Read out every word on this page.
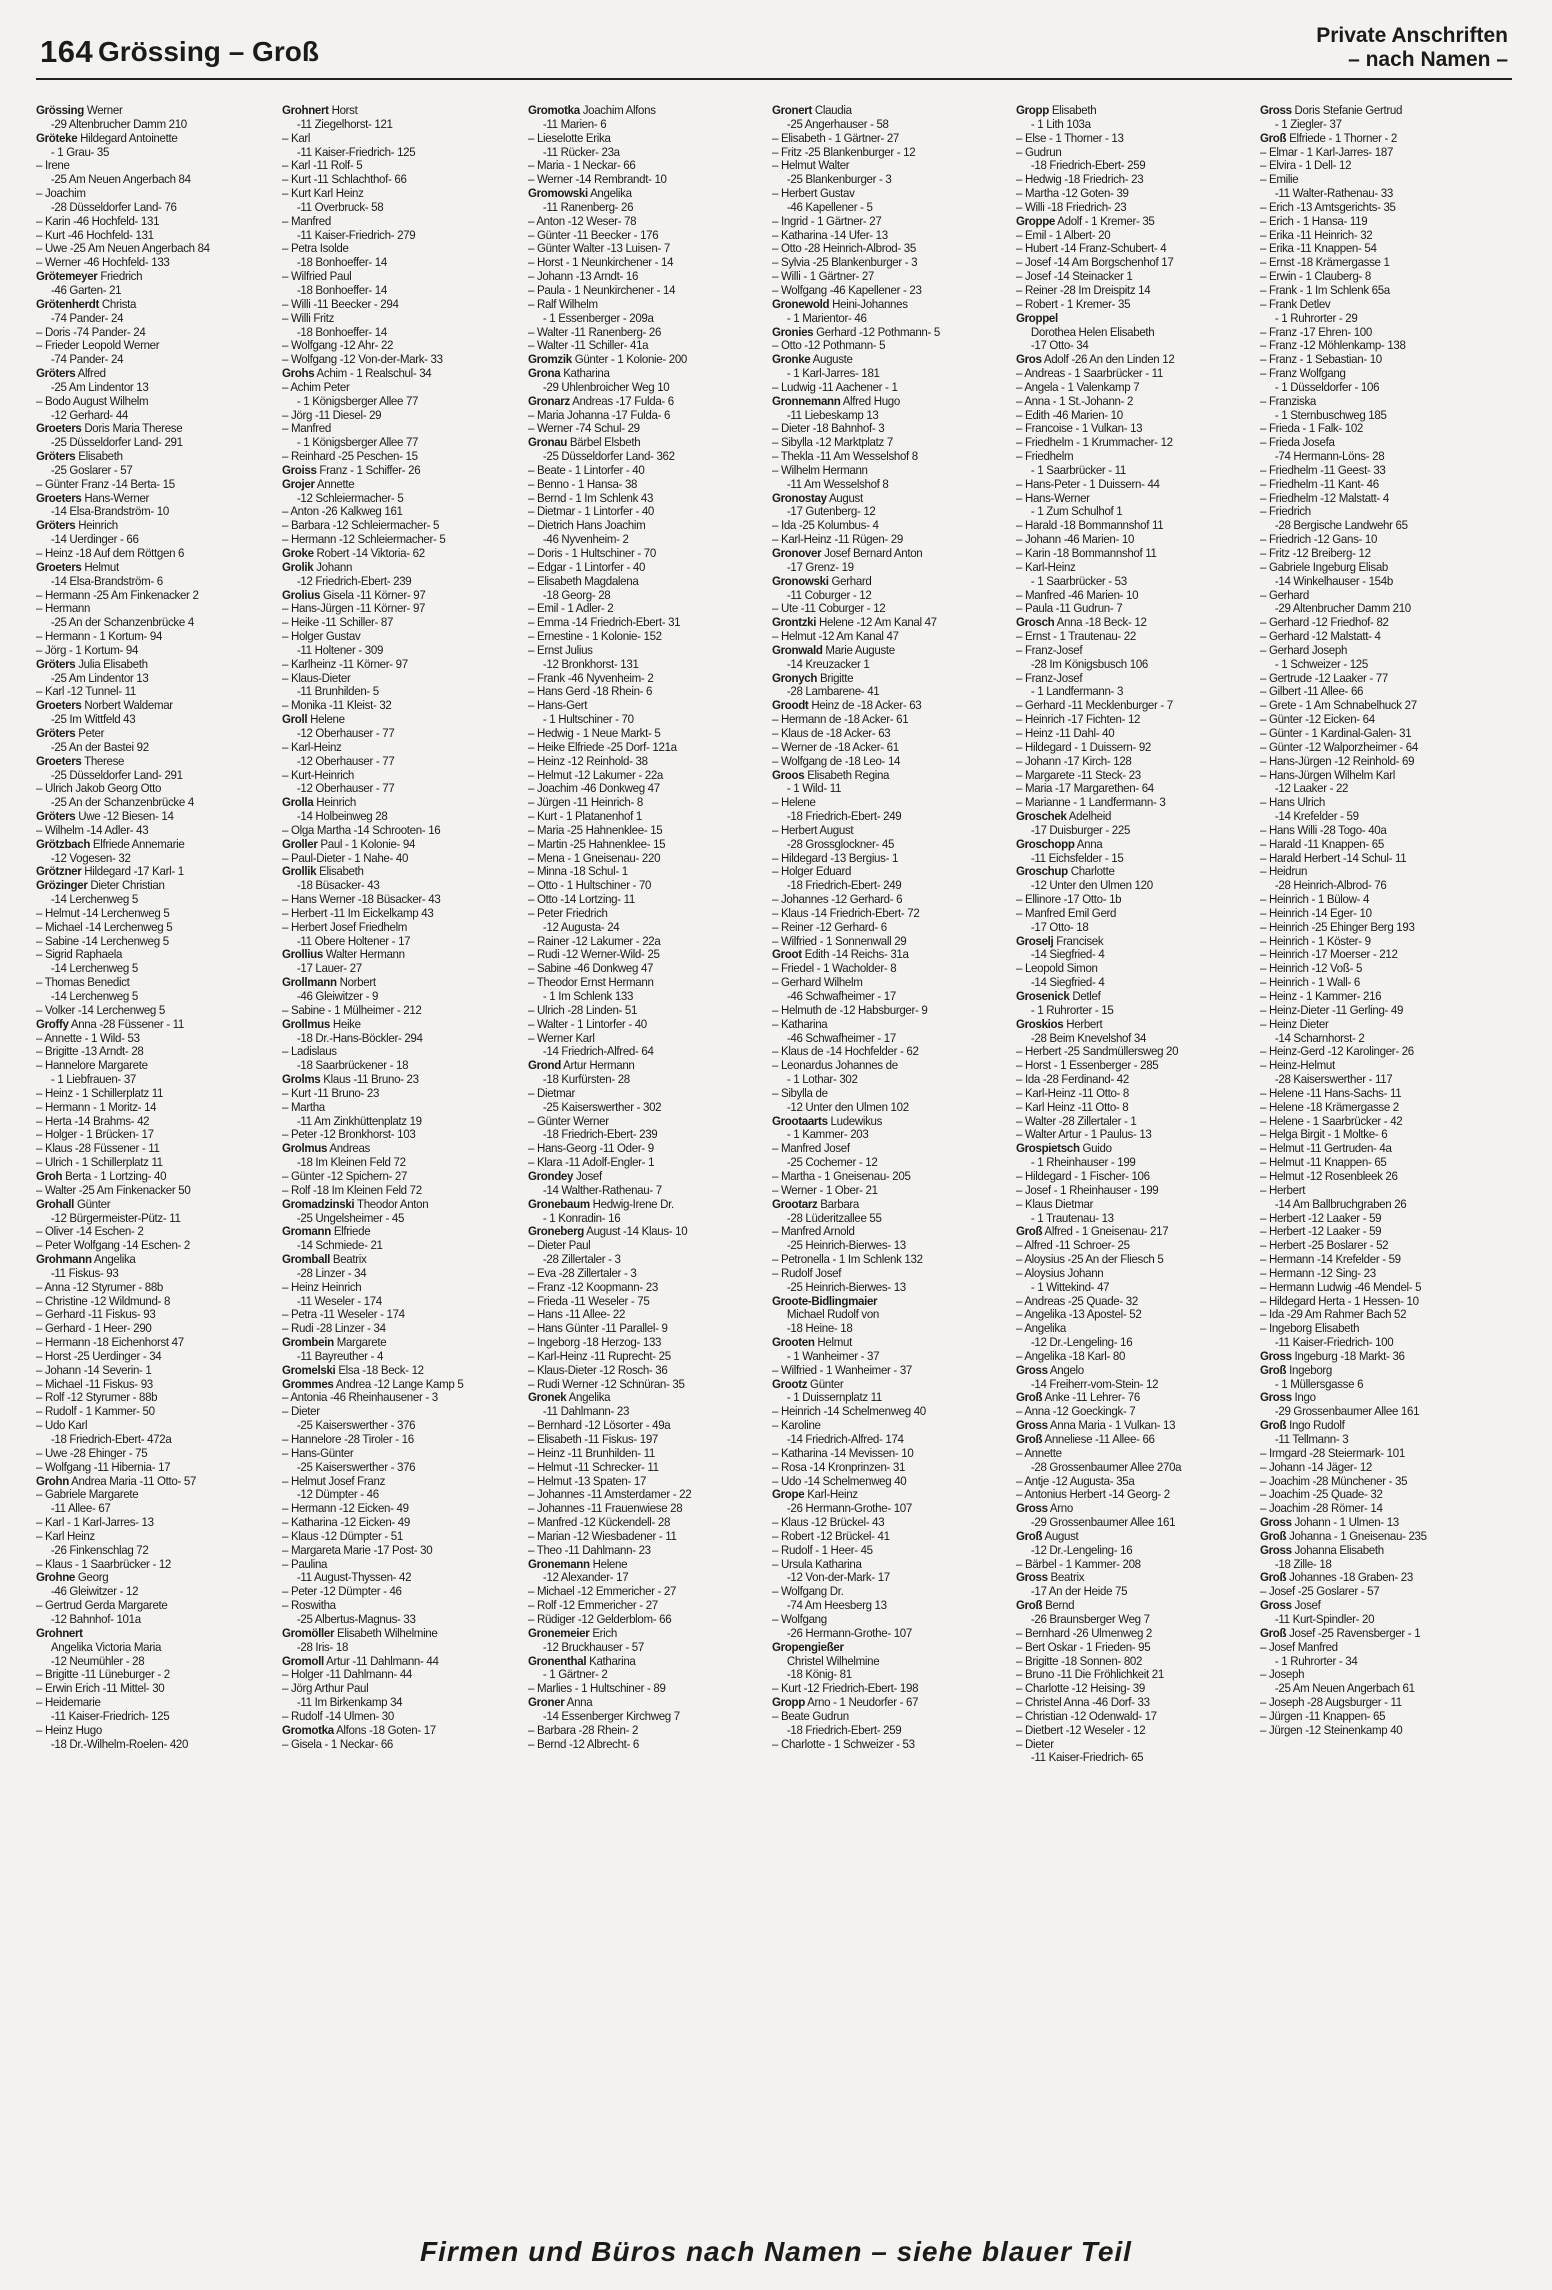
164 Grössing – Groß
Private Anschriften
– nach Namen –
Grössing Werner
-29 Altenbrucher Damm 210
Gröteke Hildegard Antoinette
- 1 Grau- 35
– Irene
-25 Am Neuen Angerbach 84
– Joachim
-28 Düsseldorfer Land- 76
– Karin -46 Hochfeld- 131
– Kurt -46 Hochfeld- 131
– Uwe -25 Am Neuen Angerbach 84
– Werner -46 Hochfeld- 133
Grötemeyer Friedrich
-46 Garten- 21
Grötenherdt Christa
-74 Pander- 24
– Doris -74 Pander- 24
– Frieder Leopold Werner
-74 Pander- 24
Gröters Alfred
-25 Am Lindentor 13
– Bodo August Wilhelm
-12 Gerhard- 44
Groeters Doris Maria Therese
-25 Düsseldorfer Land- 291
Gröters Elisabeth
-25 Goslarer - 57
– Günter Franz -14 Berta- 15
Groeters Hans-Werner
-14 Elsa-Brandström- 10
Gröters Heinrich
-14 Uerdinger - 66
– Heinz -18 Auf dem Röttgen 6
Groeters Helmut
-14 Elsa-Brandström- 6
– Hermann -25 Am Finkenacker 2
– Hermann
-25 An der Schanzenbrücke 4
– Hermann - 1 Kortum- 94
– Jörg - 1 Kortum- 94
Gröters Julia Elisabeth
-25 Am Lindentor 13
– Karl -12 Tunnel- 11
Groeters Norbert Waldemar
-25 Im Wittfeld 43
Gröters Peter
-25 An der Bastei 92
Groeters Therese
-25 Düsseldorfer Land- 291
– Ulrich Jakob Georg Otto
-25 An der Schanzenbrücke 4
Gröters Uwe -12 Biesen- 14
– Wilhelm -14 Adler- 43
Grötzbach Elfriede Annemarie
-12 Vogesen- 32
Grötzner Hildegard -17 Karl- 1
Grözinger Dieter Christian
-14 Lerchenweg 5
– Helmut -14 Lerchenweg 5
– Michael -14 Lerchenweg 5
– Sabine -14 Lerchenweg 5
– Sigrid Raphaela
-14 Lerchenweg 5
– Thomas Benedict
-14 Lerchenweg 5
– Volker -14 Lerchenweg 5
Groffy Anna -28 Füssener - 11
– Annette - 1 Wild- 53
– Brigitte -13 Arndt- 28
– Hannelore Margarete
- 1 Liebfrauen- 37
– Heinz - 1 Schillerplatz 11
– Hermann - 1 Moritz- 14
– Herta -14 Brahms- 42
– Holger - 1 Brücken- 17
– Klaus -28 Füssener - 11
– Ulrich - 1 Schillerplatz 11
Groh Berta - 1 Lortzing- 40
– Walter -25 Am Finkenacker 50
Grohall Günter
-12 Bürgermeister-Pütz- 11
– Oliver -14 Eschen- 2
– Peter Wolfgang -14 Eschen- 2
Grohmann Angelika
-11 Fiskus- 93
– Anna -12 Styrumer - 88b
– Christine -12 Wildmund- 8
– Gerhard -11 Fiskus- 93
– Gerhard - 1 Heer- 290
– Hermann -18 Eichenhorst 47
– Horst -25 Uerdinger - 34
– Johann -14 Severin- 1
– Michael -11 Fiskus- 93
– Rolf -12 Styrumer - 88b
– Rudolf - 1 Kammer- 50
– Udo Karl
-18 Friedrich-Ebert- 472a
– Uwe -28 Ehinger - 75
– Wolfgang -11 Hibernia- 17
Grohn Andrea Maria -11 Otto- 57
– Gabriele Margarete
-11 Allee- 67
– Karl - 1 Karl-Jarres- 13
– Karl Heinz
-26 Finkenschlag 72
– Klaus - 1 Saarbrücker - 12
Grohne Georg
-46 Gleiwitzer - 12
– Gertrud Gerda Margarete
-12 Bahnhof- 101a
Grohnert
Angelika Victoria Maria
-12 Neumühler - 28
– Brigitte -11 Lüneburger - 2
– Erwin Erich -11 Mittel- 30
– Heidemarie
-11 Kaiser-Friedrich- 125
– Heinz Hugo
-18 Dr.-Wilhelm-Roelen- 420
Grohnert Horst
-11 Ziegelhorst- 121
– Karl
-11 Kaiser-Friedrich- 125
– Karl -11 Rolf- 5
– Kurt -11 Schlachthof- 66
– Kurt Karl Heinz
-11 Overbruck- 58
– Manfred
-11 Kaiser-Friedrich- 279
– Petra Isolde
-18 Bonhoeffer- 14
– Wilfried Paul
-18 Bonhoeffer- 14
– Willi -11 Beecker - 294
– Willi Fritz
-18 Bonhoeffer- 14
– Wolfgang -12 Ahr- 22
– Wolfgang -12 Von-der-Mark- 33
Grohs Achim - 1 Realschul- 34
– Achim Peter
- 1 Königsberger Allee 77
– Jörg -11 Diesel- 29
– Manfred
- 1 Königsberger Allee 77
– Reinhard -25 Peschen- 15
Groiss Franz - 1 Schiffer- 26
Grojer Annette
-12 Schleiermacher- 5
– Anton -26 Kalkweg 161
– Barbara -12 Schleiermacher- 5
– Hermann -12 Schleiermacher- 5
Groke Robert -14 Viktoria- 62
Grolik Johann
-12 Friedrich-Ebert- 239
Grolius Gisela -11 Körner- 97
– Hans-Jürgen -11 Körner- 97
– Heike -11 Schiller- 87
– Holger Gustav
-11 Holtener - 309
– Karlheinz -11 Körner- 97
– Klaus-Dieter
-11 Brunhilden- 5
– Monika -11 Kleist- 32
Groll Helene
-12 Oberhauser - 77
– Karl-Heinz
-12 Oberhauser - 77
– Kurt-Heinrich
-12 Oberhauser - 77
Grolla Heinrich
-14 Holbeinweg 28
– Olga Martha -14 Schrooten- 16
Groller Paul - 1 Kolonie- 94
– Paul-Dieter - 1 Nahe- 40
Grollik Elisabeth
-18 Büsacker- 43
– Hans Werner -18 Büsacker- 43
– Herbert -11 Im Eickelkamp 43
– Herbert Josef Friedhelm
-11 Obere Holtener - 17
Grollius Walter Hermann
-17 Lauer- 27
Grollmann Norbert
-46 Gleiwitzer - 9
– Sabine - 1 Mülheimer - 212
Grollmus Heike
-18 Dr.-Hans-Böckler- 294
– Ladislaus
-18 Saarbrückener - 18
Grolms Klaus -11 Bruno- 23
– Kurt -11 Bruno- 23
– Martha
-11 Am Zinkhüttenplatz 19
– Peter -12 Bronkhorst- 103
Grolmus Andreas
-18 Im Kleinen Feld 72
– Günter -12 Spichern- 27
– Rolf -18 Im Kleinen Feld 72
Gromadzinski Theodor Anton
-25 Ungelsheimer - 45
Gromann Elfriede
-14 Schmiede- 21
Gromball Beatrix
-28 Linzer - 34
– Heinz Heinrich
-11 Weseler - 174
– Petra -11 Weseler - 174
– Rudi -28 Linzer - 34
Grombein Margarete
-11 Bayreuther - 4
Gromelski Elsa -18 Beck- 12
Grommes Andrea -12 Lange Kamp 5
– Antonia -46 Rheinhausener - 3
– Dieter
-25 Kaiserswerther - 376
– Hannelore -28 Tiroler - 16
– Hans-Günter
-25 Kaiserswerther - 376
– Helmut Josef Franz
-12 Dümpter - 46
– Hermann -12 Eicken- 49
– Katharina -12 Eicken- 49
– Klaus -12 Dümpter - 51
– Margareta Marie -17 Post- 30
– Paulina
-11 August-Thyssen- 42
– Peter -12 Dümpter - 46
– Roswitha
-25 Albertus-Magnus- 33
Gromöller Elisabeth Wilhelmine
-28 Iris- 18
Gromoll Artur -11 Dahlmann- 44
– Holger -11 Dahlmann- 44
– Jörg Arthur Paul
-11 Im Birkenkamp 34
– Rudolf -14 Ulmen- 30
Gromotka Alfons -18 Goten- 17
– Gisela - 1 Neckar- 66
Gromotka Joachim Alfons
-11 Marien- 6
– Lieselotte Erika
-11 Rücker- 23a
– Maria - 1 Neckar- 66
– Werner -14 Rembrandt- 10
Gromowski Angelika
-11 Ranenberg- 26
– Anton -12 Weser- 78
– Günter -11 Beecker - 176
– Günter Walter -13 Luisen- 7
– Horst - 1 Neunkirchener - 14
– Johann -13 Arndt- 16
– Paula - 1 Neunkirchener - 14
– Ralf Wilhelm
- 1 Essenberger - 209a
– Walter -11 Ranenberg- 26
– Walter -11 Schiller- 41a
Gromzik Günter - 1 Kolonie- 200
Grona Katharina
-29 Uhlenbroicher Weg 10
Gronarz Andreas -17 Fulda- 6
– Maria Johanna -17 Fulda- 6
– Werner -74 Schul- 29
Gronau Bärbel Elsbeth
-25 Düsseldorfer Land- 362
– Beate - 1 Lintorfer - 40
– Benno - 1 Hansa- 38
– Bernd - 1 Im Schlenk 43
– Dietmar - 1 Lintorfer - 40
– Dietrich Hans Joachim
-46 Nyvenheim- 2
– Doris - 1 Hultschiner - 70
– Edgar - 1 Lintorfer - 40
– Elisabeth Magdalena
-18 Georg- 28
– Emil - 1 Adler- 2
– Emma -14 Friedrich-Ebert- 31
– Ernestine - 1 Kolonie- 152
– Ernst Julius
-12 Bronkhorst- 131
– Frank -46 Nyvenheim- 2
– Hans Gerd -18 Rhein- 6
– Hans-Gert
- 1 Hultschiner - 70
– Hedwig - 1 Neue Markt- 5
– Heike Elfriede -25 Dorf- 121a
– Heinz -12 Reinhold- 38
– Helmut -12 Lakumer - 22a
– Joachim -46 Donkweg 47
– Jürgen -11 Heinrich- 8
– Kurt - 1 Platanenhof 1
– Maria -25 Hahnenklee- 15
– Martin -25 Hahnenklee- 15
– Mena - 1 Gneisenau- 220
– Minna -18 Schul- 1
– Otto - 1 Hultschiner - 70
– Otto -14 Lortzing- 11
– Peter Friedrich
-12 Augusta- 24
– Rainer -12 Lakumer - 22a
– Rudi -12 Werner-Wild- 25
– Sabine -46 Donkweg 47
– Theodor Ernst Hermann
- 1 Im Schlenk 133
– Ulrich -28 Linden- 51
– Walter - 1 Lintorfer - 40
– Werner Karl
-14 Friedrich-Alfred- 64
Grond Artur Hermann
-18 Kurfürsten- 28
– Dietmar
-25 Kaiserswerther - 302
– Günter Werner
-18 Friedrich-Ebert- 239
– Hans-Georg -11 Oder- 9
– Klara -11 Adolf-Engler- 1
Grondey Josef
-14 Walther-Rathenau- 7
Gronebaum Hedwig-Irene Dr.
- 1 Konradin- 16
Groneberg August -14 Klaus- 10
– Dieter Paul
-28 Zillertaler - 3
– Eva -28 Zillertaler - 3
– Franz -12 Koopmann- 23
– Frieda -11 Weseler - 75
– Hans -11 Allee- 22
– Hans Günter -11 Parallel- 9
– Ingeborg -18 Herzog- 133
– Karl-Heinz -11 Ruprecht- 25
– Klaus-Dieter -12 Rosch- 36
– Rudi Werner -12 Schnüran- 35
Gronek Angelika
-11 Dahlmann- 23
– Bernhard -12 Lösorter - 49a
– Elisabeth -11 Fiskus- 197
– Heinz -11 Brunhilden- 11
– Helmut -11 Schrecker- 11
– Helmut -13 Spaten- 17
– Johannes -11 Amsterdamer - 22
– Johannes -11 Frauenwiese 28
– Manfred -12 Kückendell- 28
– Marian -12 Wiesbadener - 11
– Theo -11 Dahlmann- 23
Gronemann Helene
-12 Alexander- 17
– Michael -12 Emmericher - 27
– Rolf -12 Emmericher - 27
– Rüdiger -12 Gelderblom- 66
Gronemeier Erich
-12 Bruckhauser - 57
Gronenthal Katharina
- 1 Gärtner- 2
– Marlies - 1 Hultschiner - 89
Groner Anna
-14 Essenberger Kirchweg 7
– Barbara -28 Rhein- 2
– Bernd -12 Albrecht- 6
Gronert Claudia
-25 Angerhauser - 58
– Elisabeth - 1 Gärtner- 27
– Fritz -25 Blankenburger - 12
– Helmut Walter
-25 Blankenburger - 3
– Herbert Gustav
-46 Kapellener - 5
– Ingrid - 1 Gärtner- 27
– Katharina -14 Ufer- 13
– Otto -28 Heinrich-Albrod- 35
– Sylvia -25 Blankenburger - 3
– Willi - 1 Gärtner- 27
– Wolfgang -46 Kapellener - 23
Gronewold Heini-Johannes
- 1 Marientor- 46
Gronies Gerhard -12 Pothmann- 5
– Otto -12 Pothmann- 5
Gronke Auguste
- 1 Karl-Jarres- 181
– Ludwig -11 Aachener - 1
Gronnemann Alfred Hugo
-11 Liebeskamp 13
– Dieter -18 Bahnhof- 3
– Sibylla -12 Marktplatz 7
– Thekla -11 Am Wesselshof 8
– Wilhelm Hermann
-11 Am Wesselshof 8
Gronostay August
-17 Gutenberg- 12
– Ida -25 Kolumbus- 4
– Karl-Heinz -11 Rügen- 29
Gronover Josef Bernard Anton
-17 Grenz- 19
Gronowski Gerhard
-11 Coburger - 12
– Ute -11 Coburger - 12
Grontzki Helene -12 Am Kanal 47
– Helmut -12 Am Kanal 47
Gronwald Marie Auguste
-14 Kreuzacker 1
Gronych Brigitte
-28 Lambarene- 41
Groodt Heinz de -18 Acker- 63
– Hermann de -18 Acker- 61
– Klaus de -18 Acker- 63
– Werner de -18 Acker- 61
– Wolfgang de -18 Leo- 14
Groos Elisabeth Regina
- 1 Wild- 11
– Helene
-18 Friedrich-Ebert- 249
– Herbert August
-28 Grossglockner- 45
– Hildegard -13 Bergius- 1
– Holger Eduard
-18 Friedrich-Ebert- 249
– Johannes -12 Gerhard- 6
– Klaus -14 Friedrich-Ebert- 72
– Reiner -12 Gerhard- 6
– Wilfried - 1 Sonnenwall 29
Groot Edith -14 Reichs- 31a
– Friedel - 1 Wacholder- 8
– Gerhard Wilhelm
-46 Schwafheimer - 17
– Helmuth de -12 Habsburger- 9
– Katharina
-46 Schwafheimer - 17
– Klaus de -14 Hochfelder - 62
– Leonardus Johannes de
- 1 Lothar- 302
– Sibylla de
-12 Unter den Ulmen 102
Grootaarts Ludewikus
- 1 Kammer- 203
– Manfred Josef
-25 Cochemer - 12
– Martha - 1 Gneisenau- 205
– Werner - 1 Ober- 21
Grootarz Barbara
-28 Lüderitzallee 55
– Manfred Arnold
-25 Heinrich-Bierwes- 13
– Petronella - 1 Im Schlenk 132
– Rudolf Josef
-25 Heinrich-Bierwes- 13
Groote-Bidlingmaier
Michael Rudolf von
-18 Heine- 18
Grooten Helmut
- 1 Wanheimer - 37
– Wilfried - 1 Wanheimer - 37
Grootz Günter
- 1 Duissernplatz 11
– Heinrich -14 Schelmenweg 40
– Karoline
-14 Friedrich-Alfred- 174
– Katharina -14 Mevissen- 10
– Rosa -14 Kronprinzen- 31
– Udo -14 Schelmenweg 40
Grope Karl-Heinz
-26 Hermann-Grothe- 107
– Klaus -12 Brückel- 43
– Robert -12 Brückel- 41
– Rudolf - 1 Heer- 45
– Ursula Katharina
-12 Von-der-Mark- 17
– Wolfgang Dr.
-74 Am Heesberg 13
– Wolfgang
-26 Hermann-Grothe- 107
Gropengießer
Christel Wilhelmine
-18 König- 81
– Kurt -12 Friedrich-Ebert- 198
Gropp Arno - 1 Neudorfer - 67
– Beate Gudrun
-18 Friedrich-Ebert- 259
– Charlotte - 1 Schweizer - 53
Gropp Elisabeth
- 1 Lith 103a
– Else - 1 Thorner - 13
– Gudrun
-18 Friedrich-Ebert- 259
– Hedwig -18 Friedrich- 23
– Martha -12 Goten- 39
– Willi -18 Friedrich- 23
Groppe Adolf - 1 Kremer- 35
– Emil - 1 Albert- 20
– Hubert -14 Franz-Schubert- 4
– Josef -14 Am Borgschenhof 17
– Josef -14 Steinacker 1
– Reiner -28 Im Dreispitz 14
– Robert - 1 Kremer- 35
Groppel
Dorothea Helen Elisabeth
-17 Otto- 34
Gros Adolf -26 An den Linden 12
– Andreas - 1 Saarbrücker - 11
– Angela - 1 Valenkamp 7
– Anna - 1 St.-Johann- 2
– Edith -46 Marien- 10
– Francoise - 1 Vulkan- 13
– Friedhelm - 1 Krummacher- 12
– Friedhelm
- 1 Saarbrücker - 11
– Hans-Peter - 1 Duissern- 44
– Hans-Werner
- 1 Zum Schulhof 1
– Harald -18 Bommannshof 11
– Johann -46 Marien- 10
– Karin -18 Bommannshof 11
– Karl-Heinz
- 1 Saarbrücker - 53
– Manfred -46 Marien- 10
– Paula -11 Gudrun- 7
Grosch Anna -18 Beck- 12
– Ernst - 1 Trautenau- 22
– Franz-Josef
-28 Im Königsbusch 106
– Franz-Josef
- 1 Landfermann- 3
– Gerhard -11 Mecklenburger - 7
– Heinrich -17 Fichten- 12
– Heinz -11 Dahl- 40
– Hildegard - 1 Duissern- 92
– Johann -17 Kirch- 128
– Margarete -11 Steck- 23
– Maria -17 Margarethen- 64
– Marianne - 1 Landfermann- 3
Groschek Adelheid
-17 Duisburger - 225
Groschopp Anna
-11 Eichsfelder - 15
Groschup Charlotte
-12 Unter den Ulmen 120
– Ellinore -17 Otto- 1b
– Manfred Emil Gerd
-17 Otto- 18
Groselj Francisek
-14 Siegfried- 4
– Leopold Simon
-14 Siegfried- 4
Grosenick Detlef
- 1 Ruhrorter - 15
Groskios Herbert
-28 Beim Knevelshof 34
– Herbert -25 Sandmüllersweg 20
– Horst - 1 Essenberger - 285
– Ida -28 Ferdinand- 42
– Karl-Heinz -11 Otto- 8
– Karl Heinz -11 Otto- 8
– Walter -28 Zillertaler - 1
– Walter Artur - 1 Paulus- 13
Grospietsch Guido
- 1 Rheinhauser - 199
– Hildegard - 1 Fischer- 106
– Josef - 1 Rheinhauser - 199
– Klaus Dietmar
- 1 Trautenau- 13
Groß Alfred - 1 Gneisenau- 217
– Alfred -11 Schroer- 25
– Aloysius -25 An der Fliesch 5
– Aloysius Johann
- 1 Wittekind- 47
– Andreas -25 Quade- 32
– Angelika -13 Apostel- 52
– Angelika
-12 Dr.-Lengeling- 16
– Angelika -18 Karl- 80
Gross Angelo
-14 Freiherr-vom-Stein- 12
Groß Anke -11 Lehrer- 76
– Anna -12 Goeckingk- 7
Gross Anna Maria - 1 Vulkan- 13
Groß Anneliese -11 Allee- 66
– Annette
-28 Grossenbaumer Allee 270a
– Antje -12 Augusta- 35a
– Antonius Herbert -14 Georg- 2
Gross Arno
-29 Grossenbaumer Allee 161
Groß August
-12 Dr.-Lengeling- 16
– Bärbel - 1 Kammer- 208
Gross Beatrix
-17 An der Heide 75
Groß Bernd
-26 Braunsberger Weg 7
– Bernhard -26 Ulmenweg 2
– Bert Oskar - 1 Frieden- 95
– Brigitte -18 Sonnen- 802
– Bruno -11 Die Fröhlichkeit 21
– Charlotte -12 Heising- 39
– Christel Anna -46 Dorf- 33
– Christian -12 Odenwald- 17
– Dietbert -12 Weseler - 12
– Dieter
-11 Kaiser-Friedrich- 65
Gross Doris Stefanie Gertrud
- 1 Ziegler- 37
Groß Elfriede - 1 Thorner - 2
– Elmar - 1 Karl-Jarres- 187
– Elvira - 1 Dell- 12
– Emilie
-11 Walter-Rathenau- 33
– Erich -13 Amtsgerichts- 35
– Erich - 1 Hansa- 119
– Erika -11 Heinrich- 32
– Erika -11 Knappen- 54
– Ernst -18 Krämergasse 1
– Erwin - 1 Clauberg- 8
– Frank - 1 Im Schlenk 65a
– Frank Detlev
- 1 Ruhrorter - 29
– Franz -17 Ehren- 100
– Franz -12 Möhlenkamp- 138
– Franz - 1 Sebastian- 10
– Franz Wolfgang
- 1 Düsseldorfer - 106
– Franziska
- 1 Sternbuschweg 185
– Frieda - 1 Falk- 102
– Frieda Josefa
-74 Hermann-Löns- 28
– Friedhelm -11 Geest- 33
– Friedhelm -11 Kant- 46
– Friedhelm -12 Malstatt- 4
– Friedrich
-28 Bergische Landwehr 65
– Friedrich -12 Gans- 10
– Fritz -12 Breiberg- 12
– Gabriele Ingeburg Elisab
-14 Winkelhauser - 154b
– Gerhard
-29 Altenbrucher Damm 210
– Gerhard -12 Friedhof- 82
– Gerhard -12 Malstatt- 4
– Gerhard Joseph
- 1 Schweizer - 125
– Gertrude -12 Laaker - 77
– Gilbert -11 Allee- 66
– Grete - 1 Am Schnabelhuck 27
– Günter -12 Eicken- 64
– Günter - 1 Kardinal-Galen- 31
– Günter -12 Walporzheimer - 64
– Hans-Jürgen -12 Reinhold- 69
– Hans-Jürgen Wilhelm Karl
-12 Laaker - 22
– Hans Ulrich
-14 Krefelder - 59
– Hans Willi -28 Togo- 40a
– Harald -11 Knappen- 65
– Harald Herbert -14 Schul- 11
– Heidrun
-28 Heinrich-Albrod- 76
– Heinrich - 1 Bülow- 4
– Heinrich -14 Eger- 10
– Heinrich -25 Ehinger Berg 193
– Heinrich - 1 Köster- 9
– Heinrich -17 Moerser - 212
– Heinrich -12 Voß- 5
– Heinrich - 1 Wall- 6
– Heinz - 1 Kammer- 216
– Heinz-Dieter -11 Gerling- 49
– Heinz Dieter
-14 Scharnhorst- 2
– Heinz-Gerd -12 Karolinger- 26
– Heinz-Helmut
-28 Kaiserswerther - 117
– Helene -11 Hans-Sachs- 11
– Helene -18 Krämergasse 2
– Helene - 1 Saarbrücker - 42
– Helga Birgit - 1 Moltke- 6
– Helmut -11 Gertruden- 4a
– Helmut -11 Knappen- 65
– Helmut -12 Rosenbleek 26
– Herbert
-14 Am Ballbruchgraben 26
– Herbert -12 Laaker - 59
– Herbert -12 Laaker - 59
– Herbert -25 Boslarer - 52
– Hermann -14 Krefelder - 59
– Hermann -12 Sing- 23
– Hermann Ludwig -46 Mendel- 5
– Hildegard Herta - 1 Hessen- 10
– Ida -29 Am Rahmer Bach 52
– Ingeborg Elisabeth
-11 Kaiser-Friedrich- 100
Gross Ingeburg -18 Markt- 36
Groß Ingeborg
- 1 Müllersgasse 6
Gross Ingo
-29 Grossenbaumer Allee 161
Groß Ingo Rudolf
-11 Tellmann- 3
– Irmgard -28 Steiermark- 101
– Johann -14 Jäger- 12
– Joachim -28 Münchener - 35
– Joachim -25 Quade- 32
– Joachim -28 Römer- 14
Gross Johann - 1 Ulmen- 13
Groß Johanna - 1 Gneisenau- 235
Gross Johanna Elisabeth
-18 Zille- 18
Groß Johannes -18 Graben- 23
– Josef -25 Goslarer - 57
Gross Josef
-11 Kurt-Spindler- 20
Groß Josef -25 Ravensberger - 1
– Josef Manfred
- 1 Ruhrorter - 34
– Joseph
-25 Am Neuen Angerbach 61
– Joseph -28 Augsburger - 11
– Jürgen -11 Knappen- 65
– Jürgen -12 Steinenkamp 40
Firmen und Büros nach Namen – siehe blauer Teil
